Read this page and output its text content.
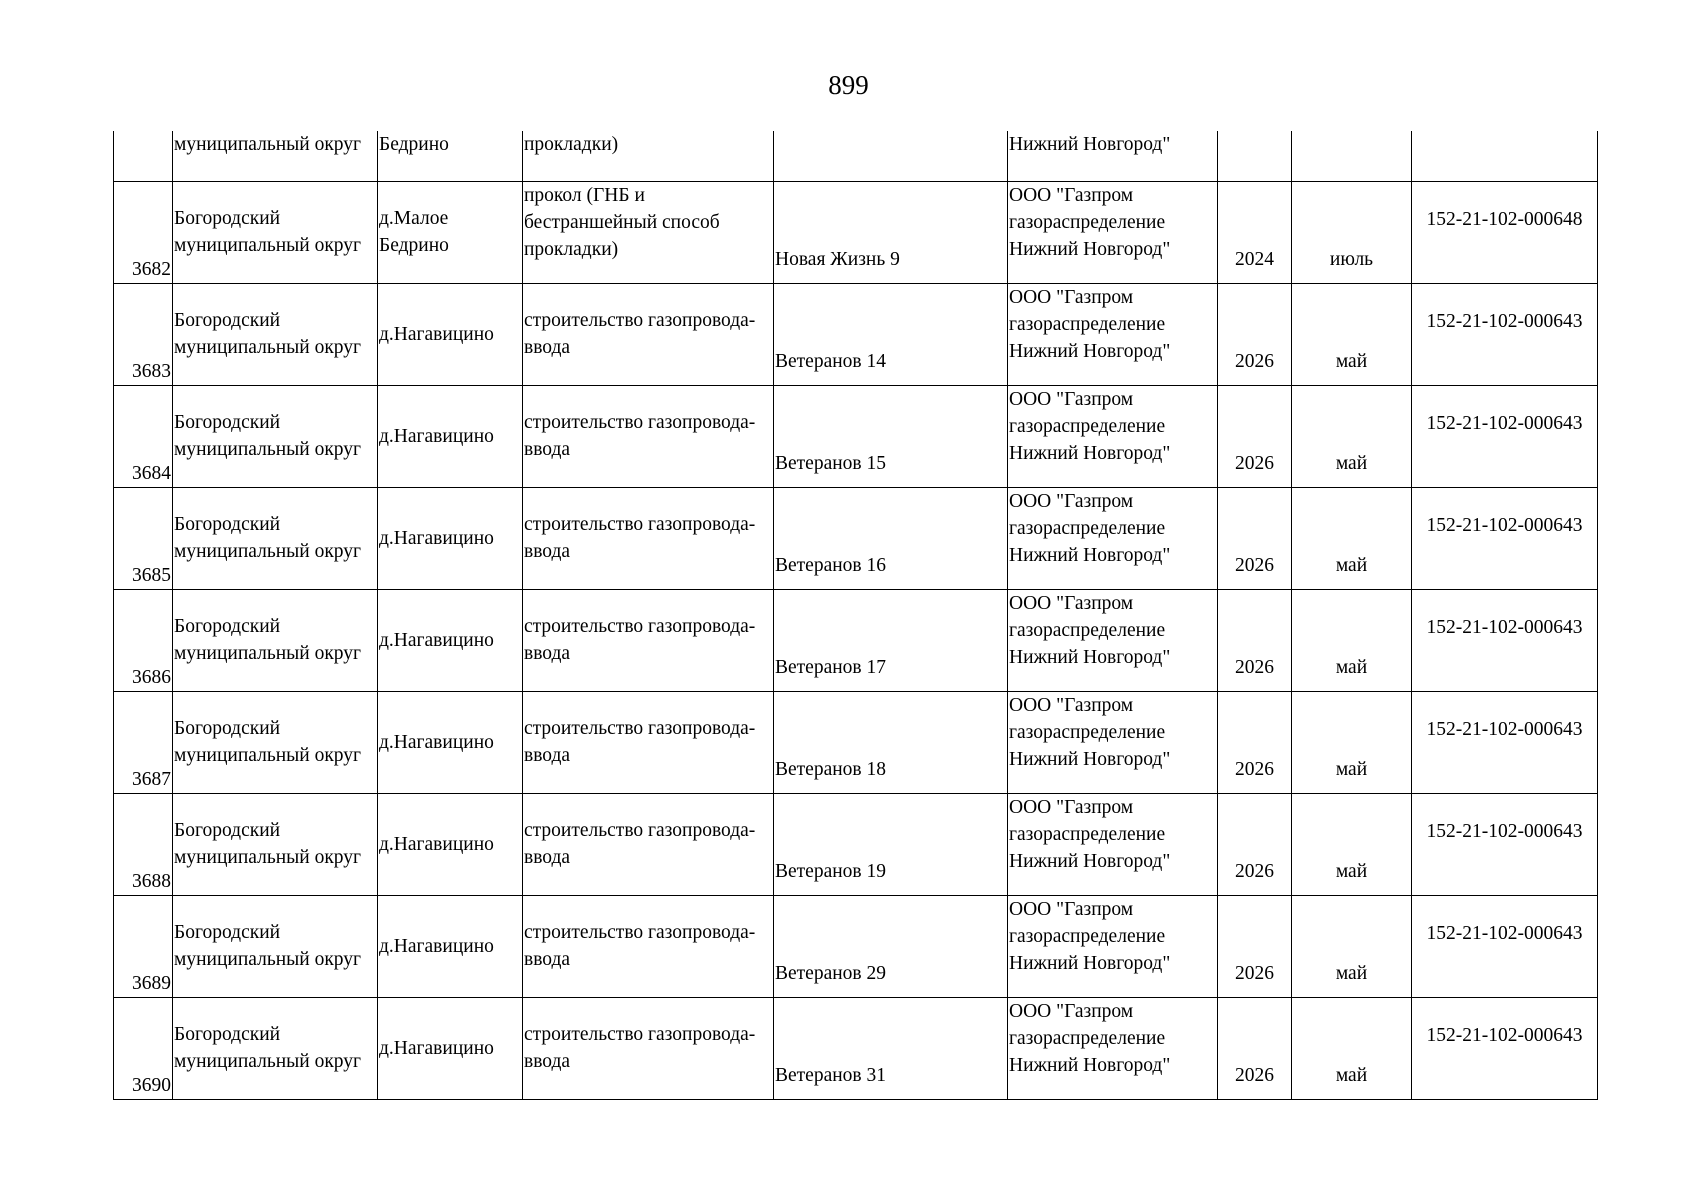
899
	муниципальный округ	Бедрино	прокладки)		Нижний Новгород"			
3682	Богородский
муниципальный округ	д.Малое
Бедрино	прокол (ГНБ и
бестраншейный способ
прокладки)	Новая Жизнь 9	ООО "Газпром
газораспределение
Нижний Новгород"	2024	июль	152-21-102-000648
3683	Богородский
муниципальный округ	д.Нагавицино	строительство газопровода-
ввода	Ветеранов 14	ООО "Газпром
газораспределение
Нижний Новгород"	2026	май	152-21-102-000643
3684	Богородский
муниципальный округ	д.Нагавицино	строительство газопровода-
ввода	Ветеранов 15	ООО "Газпром
газораспределение
Нижний Новгород"	2026	май	152-21-102-000643
3685	Богородский
муниципальный округ	д.Нагавицино	строительство газопровода-
ввода	Ветеранов 16	ООО "Газпром
газораспределение
Нижний Новгород"	2026	май	152-21-102-000643
3686	Богородский
муниципальный округ	д.Нагавицино	строительство газопровода-
ввода	Ветеранов 17	ООО "Газпром
газораспределение
Нижний Новгород"	2026	май	152-21-102-000643
3687	Богородский
муниципальный округ	д.Нагавицино	строительство газопровода-
ввода	Ветеранов 18	ООО "Газпром
газораспределение
Нижний Новгород"	2026	май	152-21-102-000643
3688	Богородский
муниципальный округ	д.Нагавицино	строительство газопровода-
ввода	Ветеранов 19	ООО "Газпром
газораспределение
Нижний Новгород"	2026	май	152-21-102-000643
3689	Богородский
муниципальный округ	д.Нагавицино	строительство газопровода-
ввода	Ветеранов 29	ООО "Газпром
газораспределение
Нижний Новгород"	2026	май	152-21-102-000643
3690	Богородский
муниципальный округ	д.Нагавицино	строительство газопровода-
ввода	Ветеранов 31	ООО "Газпром
газораспределение
Нижний Новгород"	2026	май	152-21-102-000643
